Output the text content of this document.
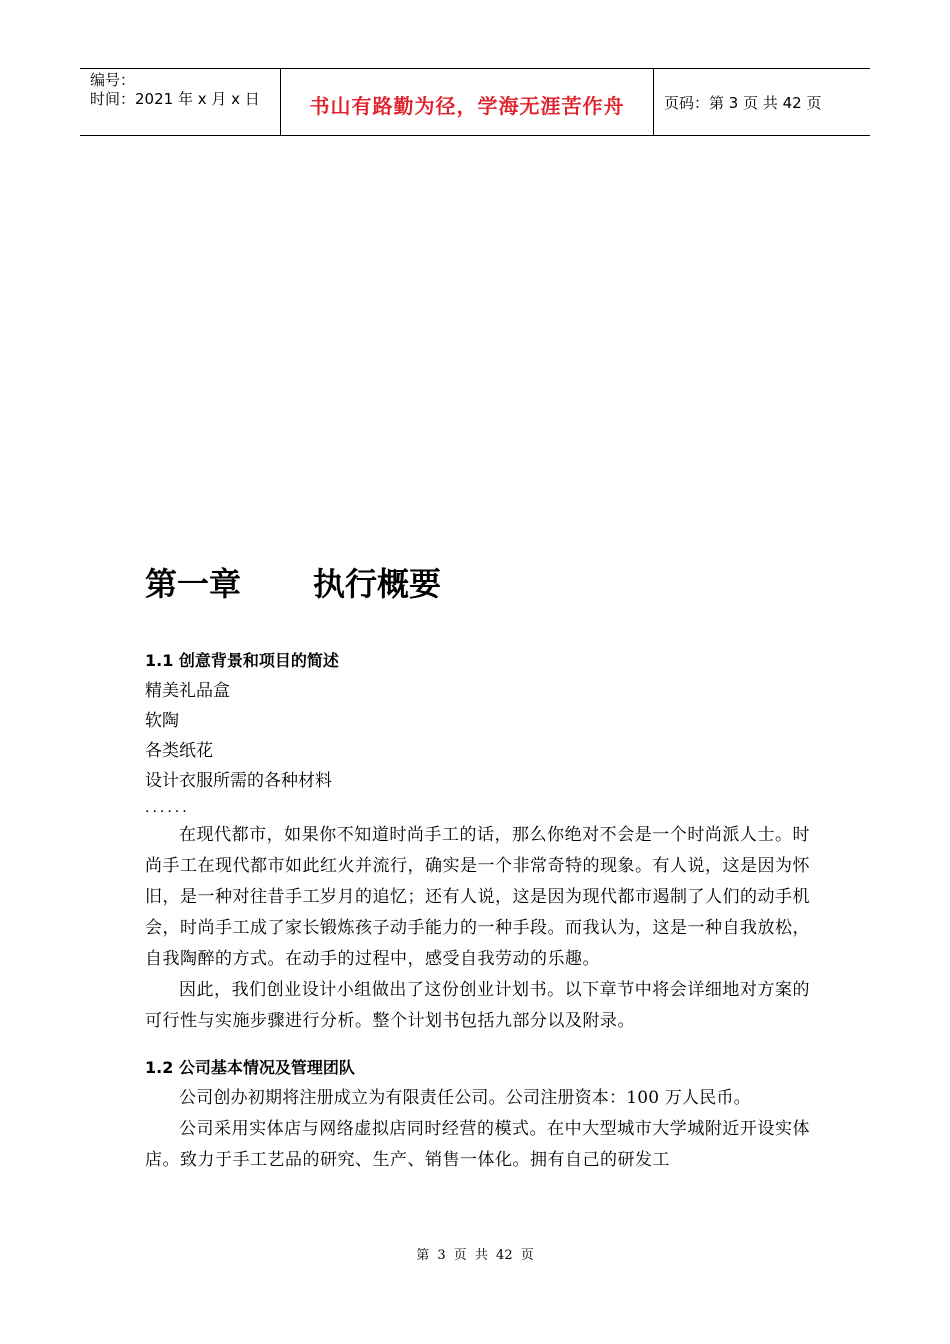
编号：
时间：2021 年 x 月 x 日	书山有路勤为径，学海无涯苦作舟	页码：第 3 页 共 42 页
第一章 执行概要
1.1 创意背景和项目的简述

精美礼品盒

软陶

各类纸花

设计衣服所需的各种材料

......

在现代都市，如果你不知道时尚手工的话，那么你绝对不会是一个时尚派人士。时尚手工在现代都市如此红火并流行，确实是一个非常奇特的现象。有人说，这是因为怀旧，是一种对往昔手工岁月的追忆；还有人说，这是因为现代都市遏制了人们的动手机会，时尚手工成了家长锻炼孩子动手能力的一种手段。而我认为，这是一种自我放松，自我陶醉的方式。在动手的过程中，感受自我劳动的乐趣。

因此，我们创业设计小组做出了这份创业计划书。以下章节中将会详细地对方案的可行性与实施步骤进行分析。整个计划书包括九部分以及附录。

1.2 公司基本情况及管理团队

公司创办初期将注册成立为有限责任公司。公司注册资本：100 万人民币。

公司采用实体店与网络虚拟店同时经营的模式。在中大型城市大学城附近开设实体店。致力于手工艺品的研究、生产、销售一体化。拥有自己的研发工

第 3 页 共 42 页
